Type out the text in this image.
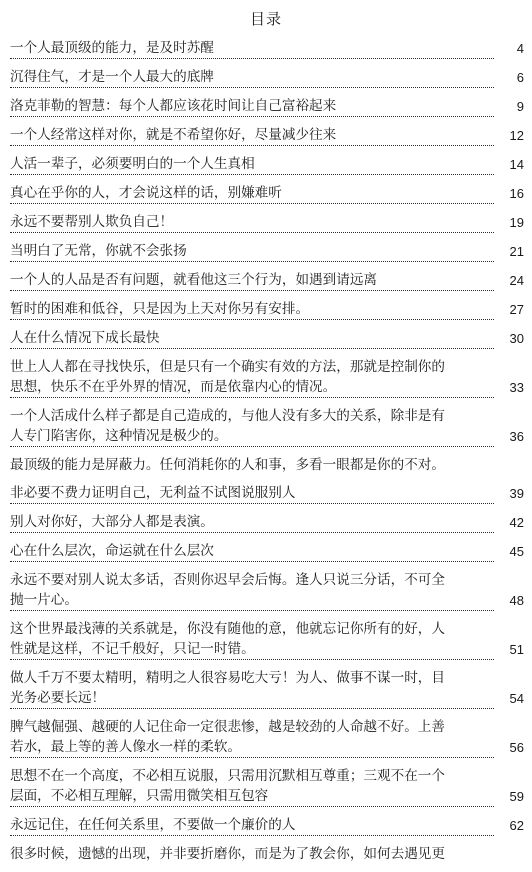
目录
一个人最顶级的能力，是及时苏醒	4
沉得住气，才是一个人最大的底牌	6
洛克菲勒的智慧：每个人都应该花时间让自己富裕起来	9
一个人经常这样对你，就是不希望你好，尽量减少往来	12
人活一辈子，必须要明白的一个人生真相	14
真心在乎你的人，才会说这样的话，别嫌难听	16
永远不要帮别人欺负自己！	19
当明白了无常，你就不会张扬	21
一个人的人品是否有问题，就看他这三个行为，如遇到请远离	24
暂时的困难和低谷，只是因为上天对你另有安排。	27
人在什么情况下成长最快	30
世上人人都在寻找快乐，但是只有一个确实有效的方法，那就是控制你的
思想，快乐不在乎外界的情况，而是依靠内心的情况。	33
一个人活成什么样子都是自己造成的，与他人没有多大的关系，除非是有
人专门陷害你，这种情况是极少的。	36
最顶级的能力是屏蔽力。任何消耗你的人和事，多看一眼都是你的不对。
非必要不费力证明自己，无利益不试图说服别人	39
别人对你好，大部分人都是表演。	42
心在什么层次，命运就在什么层次	45
永远不要对别人说太多话，否则你迟早会后悔。逢人只说三分话，不可全
抛一片心。	48
这个世界最浅薄的关系就是，你没有随他的意，他就忘记你所有的好，人
性就是这样，不记千般好，只记一时错。	51
做人千万不要太精明，精明之人很容易吃大亏！为人、做事不谋一时，目
光务必要长远！	54
脾气越倔强、越硬的人记住命一定很悲惨，越是较劲的人命越不好。上善
若水，最上等的善人像水一样的柔软。	56
思想不在一个高度，不必相互说服，只需用沉默相互尊重；三观不在一个
层面，不必相互理解，只需用微笑相互包容	59
永远记住，在任何关系里，不要做一个廉价的人	62
很多时候，遗憾的出现，并非要折磨你，而是为了教会你，如何去遇见更
